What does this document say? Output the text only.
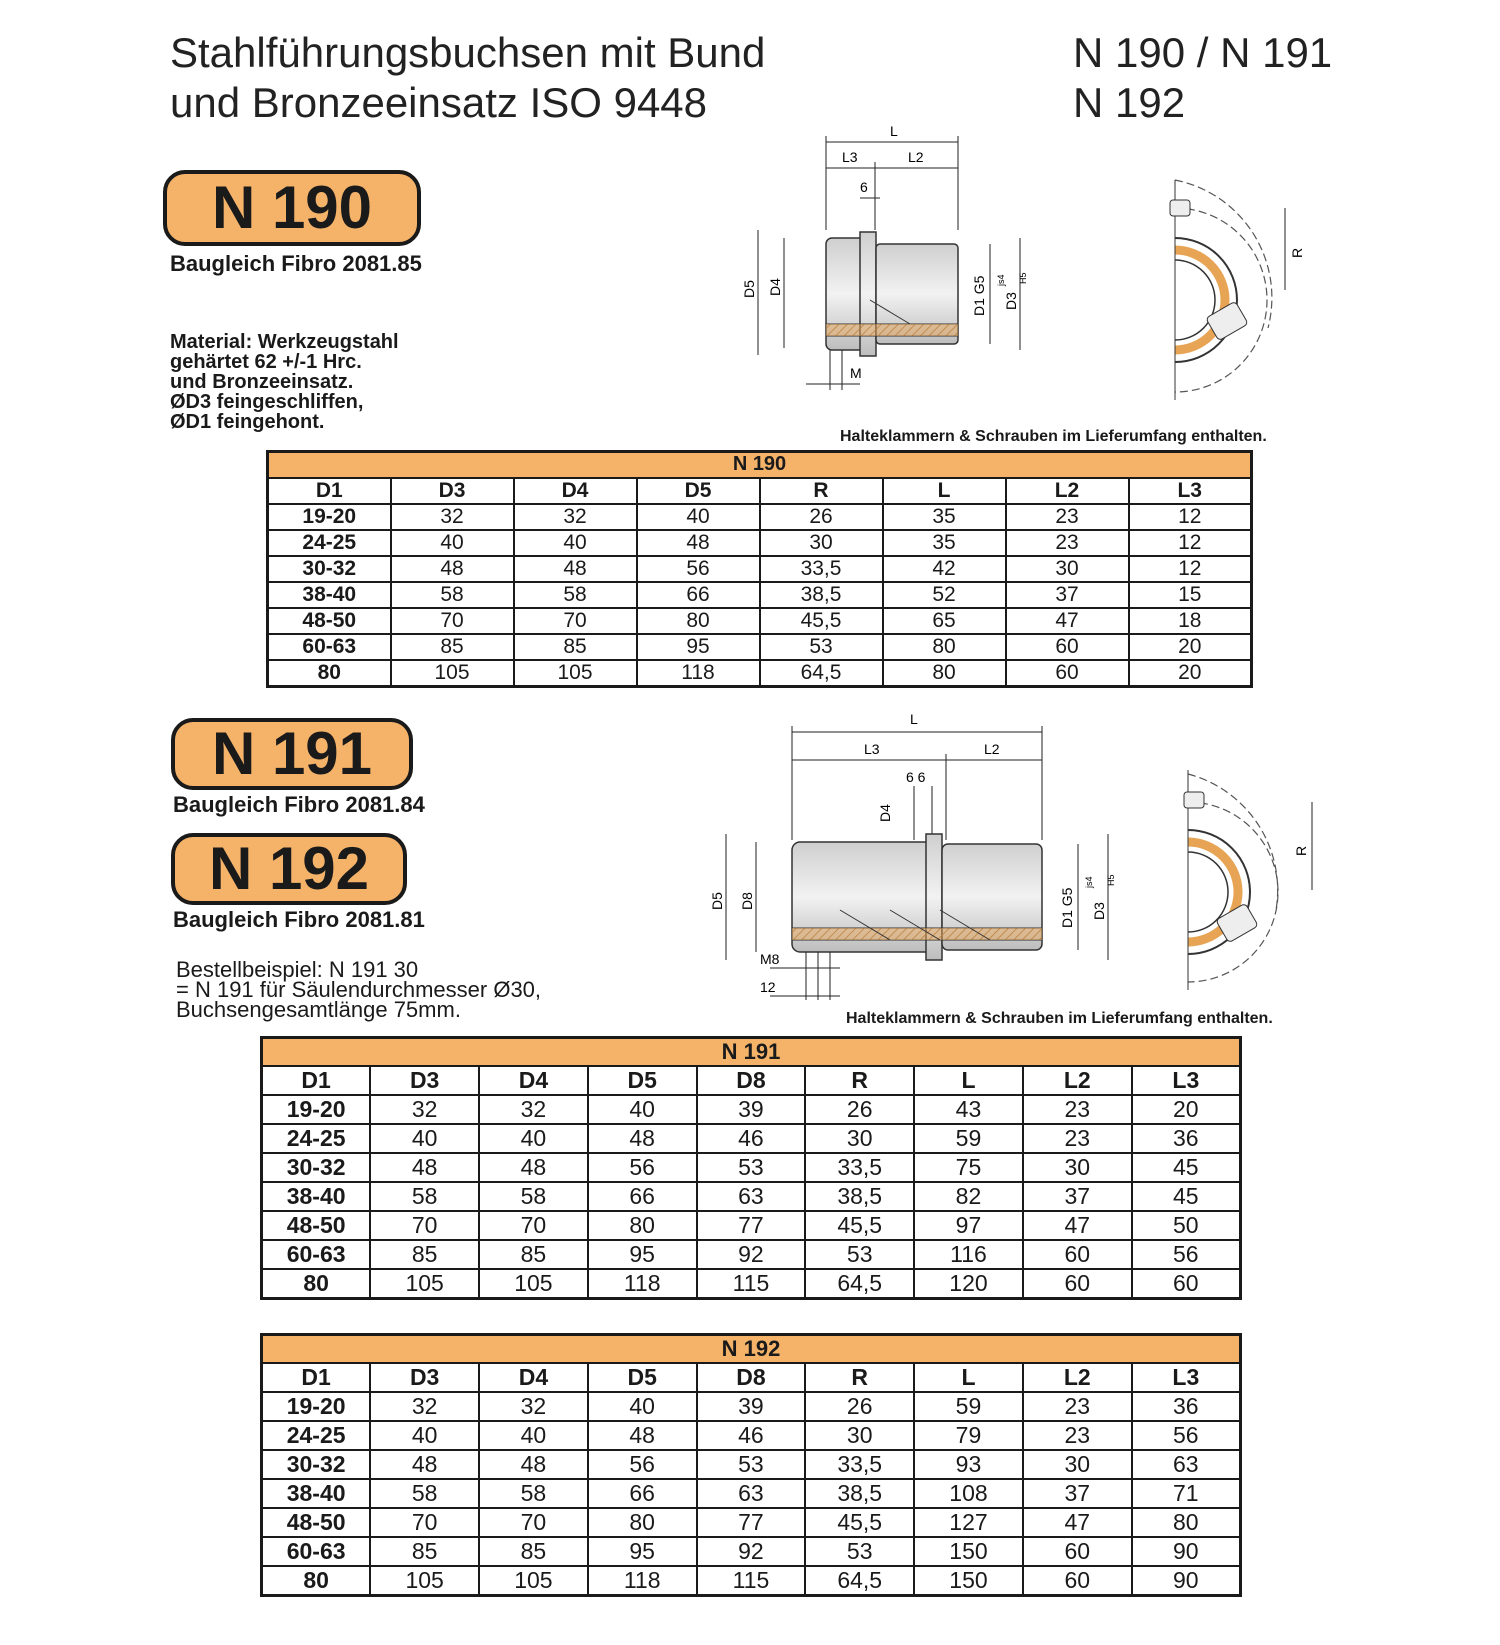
Stahlführungsbuchsen mit Bund
und Bronzeeinsatz ISO 9448
N 190 / N 191
N 192
N 190
Baugleich Fibro 2081.85
Material: Werkzeugstahl
gehärtet 62 +/-1 Hrc.
und Bronzeeinsatz.
ØD3 feingeschliffen,
ØD1 feingehont.
L
L3	L2
6
D5 D4	D1 G5 D3
js4 H5
M
R
Halteklammern & Schrauben im Lieferumfang enthalten.
N 190							
D1	D3	D4	D5	R	L	L2	L3
19-20	32	32	40	26	35	23	12
24-25	40	40	48	30	35	23	12
30-32	48	48	56	33,5	42	30	12
38-40	58	58	66	38,5	52	37	15
48-50	70	70	80	45,5	65	47	18
60-63	85	85	95	53	80	60	20
80	105	105	118	64,5	80	60	20
N 191
Baugleich Fibro 2081.84
N 192
Baugleich Fibro 2081.81
Bestellbeispiel: N 191 30
= N 191 für Säulendurchmesser Ø30,
Buchsengesamtlänge 75mm.
L
L3	L2
6 6
D4
D5 D8	D1 G5 D3
js4 H5
M8
12
R
Halteklammern & Schrauben im Lieferumfang enthalten.
N 191								
D1	D3	D4	D5	D8	R	L	L2	L3
19-20	32	32	40	39	26	43	23	20
24-25	40	40	48	46	30	59	23	36
30-32	48	48	56	53	33,5	75	30	45
38-40	58	58	66	63	38,5	82	37	45
48-50	70	70	80	77	45,5	97	47	50
60-63	85	85	95	92	53	116	60	56
80	105	105	118	115	64,5	120	60	60
N 192								
D1	D3	D4	D5	D8	R	L	L2	L3
19-20	32	32	40	39	26	59	23	36
24-25	40	40	48	46	30	79	23	56
30-32	48	48	56	53	33,5	93	30	63
38-40	58	58	66	63	38,5	108	37	71
48-50	70	70	80	77	45,5	127	47	80
60-63	85	85	95	92	53	150	60	90
80	105	105	118	115	64,5	150	60	90
